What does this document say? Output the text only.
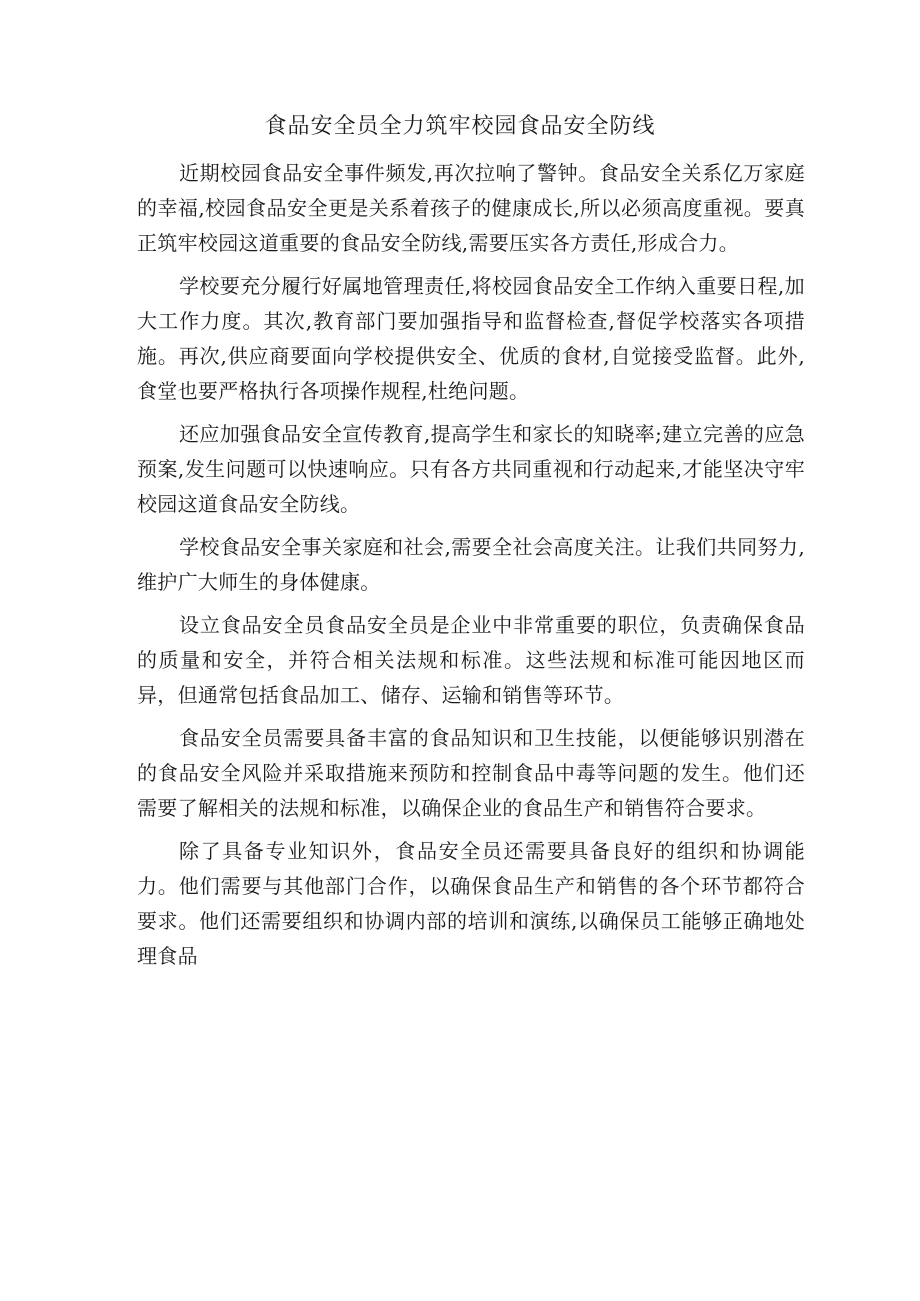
食品安全员全力筑牢校园食品安全防线

近期校园食品安全事件频发,再次拉响了警钟。食品安全关系亿万家庭的幸福,校园食品安全更是关系着孩子的健康成长,所以必须高度重视。要真正筑牢校园这道重要的食品安全防线,需要压实各方责任,形成合力。

学校要充分履行好属地管理责任,将校园食品安全工作纳入重要日程,加大工作力度。其次,教育部门要加强指导和监督检查,督促学校落实各项措施。再次,供应商要面向学校提供安全、优质的食材,自觉接受监督。此外,食堂也要严格执行各项操作规程,杜绝问题。

还应加强食品安全宣传教育,提高学生和家长的知晓率;建立完善的应急预案,发生问题可以快速响应。只有各方共同重视和行动起来,才能坚决守牢校园这道食品安全防线。

学校食品安全事关家庭和社会,需要全社会高度关注。让我们共同努力,维护广大师生的身体健康。

设立食品安全员食品安全员是企业中非常重要的职位，负责确保食品的质量和安全，并符合相关法规和标准。这些法规和标准可能因地区而异，但通常包括食品加工、储存、运输和销售等环节。

食品安全员需要具备丰富的食品知识和卫生技能，以便能够识别潜在的食品安全风险并采取措施来预防和控制食品中毒等问题的发生。他们还需要了解相关的法规和标准，以确保企业的食品生产和销售符合要求。

除了具备专业知识外，食品安全员还需要具备良好的组织和协调能力。他们需要与其他部门合作，以确保食品生产和销售的各个环节都符合要求。他们还需要组织和协调内部的培训和演练,以确保员工能够正确地处理食品
